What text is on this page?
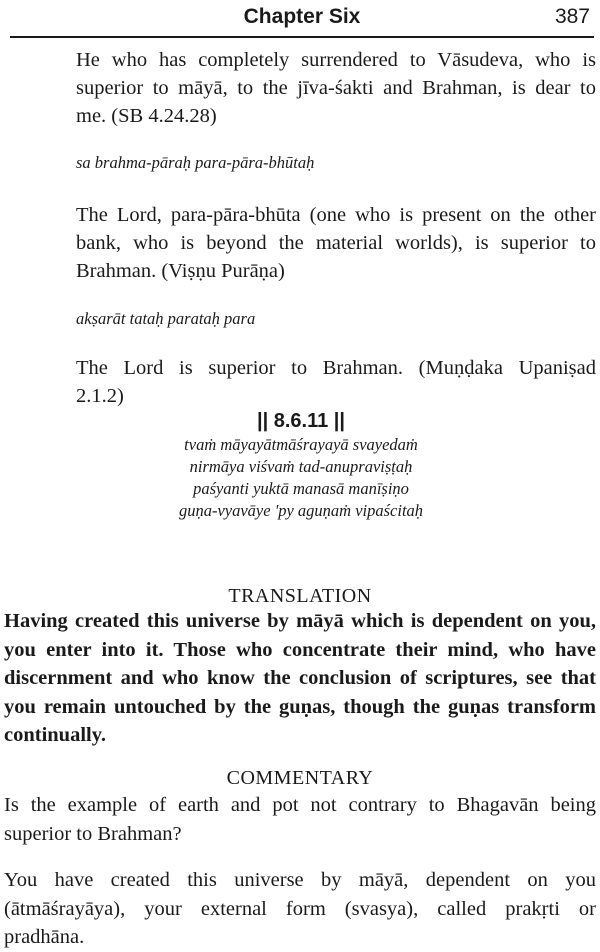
Chapter Six	387
He who has completely surrendered to Vāsudeva, who is
superior to māyā, to the jīva-śakti and Brahman, is dear to
me. (SB 4.24.28)
sa brahma-pāraḥ para-pāra-bhūtaḥ
The Lord, para-pāra-bhūta (one who is present on the other
bank, who is beyond the material worlds), is superior to
Brahman. (Viṣṇu Purāṇa)
akṣarāt tataḥ parataḥ para
The Lord is superior to Brahman. (Muṇḍaka Upaniṣad
2.1.2)
|| 8.6.11 ||
tvaṁ māyayātmāśrayayā svayedaṁ
nirmāya viśvaṁ tad-anupraviṣṭaḥ
paśyanti yuktā manasā manīṣiṇo
guṇa-vyavāye 'py aguṇaṁ vipaścitaḥ
TRANSLATION
Having created this universe by māyā which is dependent on you,
you enter into it. Those who concentrate their mind, who have
discernment and who know the conclusion of scriptures, see that
you remain untouched by the guṇas, though the guṇas transform
continually.
COMMENTARY
Is the example of earth and pot not contrary to Bhagavān being
superior to Brahman?
You have created this universe by māyā, dependent on you
(ātmāśrayāya), your external form (svasya), called prakṛti or
pradhāna.
